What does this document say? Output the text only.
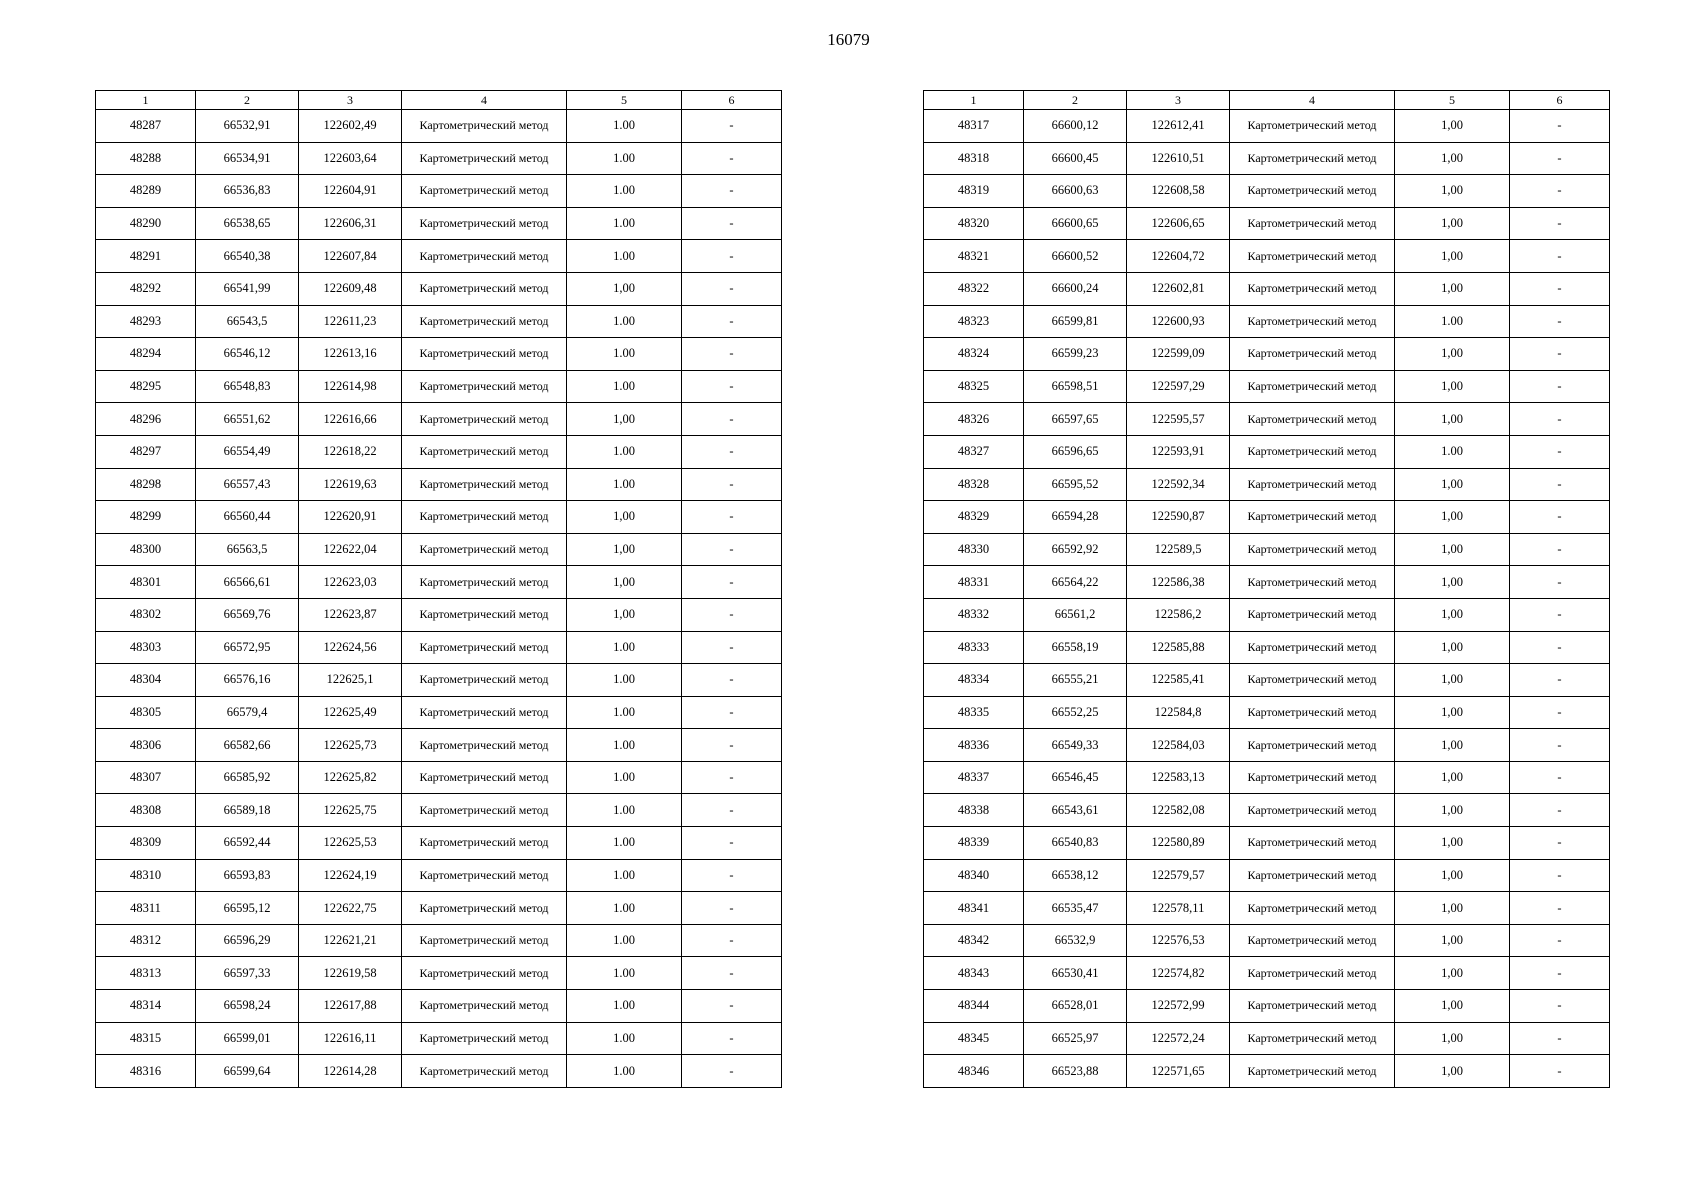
16079
1	2	3	4	5	6
48287	66532,91	122602,49	Картометрический метод	1.00	-
48288	66534,91	122603,64	Картометрический метод	1.00	-
48289	66536,83	122604,91	Картометрический метод	1.00	-
48290	66538,65	122606,31	Картометрический метод	1.00	-
48291	66540,38	122607,84	Картометрический метод	1.00	-
48292	66541,99	122609,48	Картометрический метод	1,00	-
48293	66543,5	122611,23	Картометрический метод	1.00	-
48294	66546,12	122613,16	Картометрический метод	1.00	-
48295	66548,83	122614,98	Картометрический метод	1.00	-
48296	66551,62	122616,66	Картометрический метод	1,00	-
48297	66554,49	122618,22	Картометрический метод	1.00	-
48298	66557,43	122619,63	Картометрический метод	1.00	-
48299	66560,44	122620,91	Картометрический метод	1,00	-
48300	66563,5	122622,04	Картометрический метод	1,00	-
48301	66566,61	122623,03	Картометрический метод	1,00	-
48302	66569,76	122623,87	Картометрический метод	1,00	-
48303	66572,95	122624,56	Картометрический метод	1.00	-
48304	66576,16	122625,1	Картометрический метод	1.00	-
48305	66579,4	122625,49	Картометрический метод	1.00	-
48306	66582,66	122625,73	Картометрический метод	1.00	-
48307	66585,92	122625,82	Картометрический метод	1.00	-
48308	66589,18	122625,75	Картометрический метод	1.00	-
48309	66592,44	122625,53	Картометрический метод	1.00	-
48310	66593,83	122624,19	Картометрический метод	1.00	-
48311	66595,12	122622,75	Картометрический метод	1.00	-
48312	66596,29	122621,21	Картометрический метод	1.00	-
48313	66597,33	122619,58	Картометрический метод	1.00	-
48314	66598,24	122617,88	Картометрический метод	1.00	-
48315	66599,01	122616,11	Картометрический метод	1.00	-
48316	66599,64	122614,28	Картометрический метод	1.00	-
1	2	3	4	5	6
48317	66600,12	122612,41	Картометрический метод	1,00	-
48318	66600,45	122610,51	Картометрический метод	1,00	-
48319	66600,63	122608,58	Картометрический метод	1,00	-
48320	66600,65	122606,65	Картометрический метод	1,00	-
48321	66600,52	122604,72	Картометрический метод	1,00	-
48322	66600,24	122602,81	Картометрический метод	1,00	-
48323	66599,81	122600,93	Картометрический метод	1.00	-
48324	66599,23	122599,09	Картометрический метод	1,00	-
48325	66598,51	122597,29	Картометрический метод	1,00	-
48326	66597,65	122595,57	Картометрический метод	1,00	-
48327	66596,65	122593,91	Картометрический метод	1.00	-
48328	66595,52	122592,34	Картометрический метод	1,00	-
48329	66594,28	122590,87	Картометрический метод	1,00	-
48330	66592,92	122589,5	Картометрический метод	1,00	-
48331	66564,22	122586,38	Картометрический метод	1,00	-
48332	66561,2	122586,2	Картометрический метод	1,00	-
48333	66558,19	122585,88	Картометрический метод	1,00	-
48334	66555,21	122585,41	Картометрический метод	1,00	-
48335	66552,25	122584,8	Картометрический метод	1,00	-
48336	66549,33	122584,03	Картометрический метод	1,00	-
48337	66546,45	122583,13	Картометрический метод	1,00	-
48338	66543,61	122582,08	Картометрический метод	1,00	-
48339	66540,83	122580,89	Картометрический метод	1,00	-
48340	66538,12	122579,57	Картометрический метод	1,00	-
48341	66535,47	122578,11	Картометрический метод	1,00	-
48342	66532,9	122576,53	Картометрический метод	1,00	-
48343	66530,41	122574,82	Картометрический метод	1,00	-
48344	66528,01	122572,99	Картометрический метод	1,00	-
48345	66525,97	122572,24	Картометрический метод	1,00	-
48346	66523,88	122571,65	Картометрический метод	1,00	-
